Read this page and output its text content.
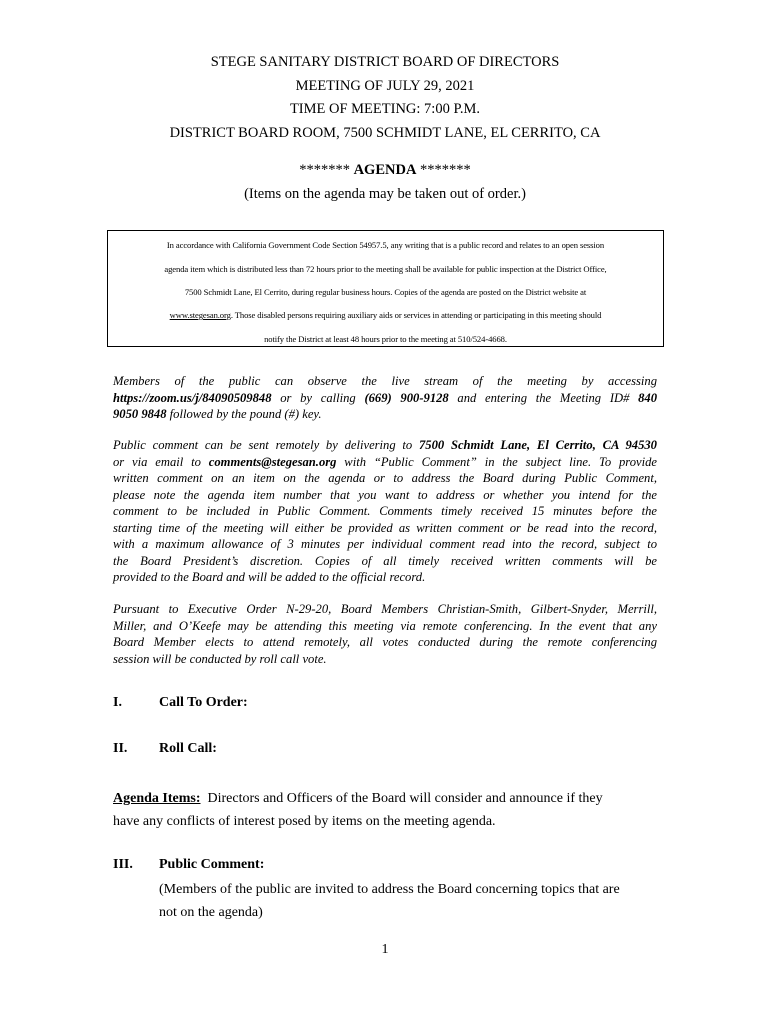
STEGE SANITARY DISTRICT BOARD OF DIRECTORS
MEETING OF JULY 29, 2021
TIME OF MEETING: 7:00 P.M.
DISTRICT BOARD ROOM, 7500 SCHMIDT LANE, EL CERRITO, CA
******* AGENDA *******
(Items on the agenda may be taken out of order.)
In accordance with California Government Code Section 54957.5, any writing that is a public record and relates to an open session
agenda item which is distributed less than 72 hours prior to the meeting shall be available for public inspection at the District Office,
7500 Schmidt Lane, El Cerrito, during regular business hours. Copies of the agenda are posted on the District website at
www.stegesan.org. Those disabled persons requiring auxiliary aids or services in attending or participating in this meeting should
notify the District at least 48 hours prior to the meeting at 510/524-4668.
Members of the public can observe the live stream of the meeting by accessing
https://zoom.us/j/84090509848 or by calling (669) 900-9128 and entering the Meeting ID# 840
9050 9848 followed by the pound (#) key.
Public comment can be sent remotely by delivering to 7500 Schmidt Lane, El Cerrito, CA 94530
or via email to comments@stegesan.org with “Public Comment” in the subject line. To provide
written comment on an item on the agenda or to address the Board during Public Comment,
please note the agenda item number that you want to address or whether you intend for the
comment to be included in Public Comment. Comments timely received 15 minutes before the
starting time of the meeting will either be provided as written comment or be read into the record,
with a maximum allowance of 3 minutes per individual comment read into the record, subject to
the Board President’s discretion. Copies of all timely received written comments will be
provided to the Board and will be added to the official record.
Pursuant to Executive Order N-29-20, Board Members Christian-Smith, Gilbert-Snyder, Merrill,
Miller, and O’Keefe may be attending this meeting via remote conferencing. In the event that any
Board Member elects to attend remotely, all votes conducted during the remote conferencing
session will be conducted by roll call vote.
I.	Call To Order:
II. Roll Call:
Agenda Items:  Directors and Officers of the Board will consider and announce if they
have any conflicts of interest posed by items on the meeting agenda.
III. Public Comment:
(Members of the public are invited to address the Board concerning topics that are
not on the agenda)
1
